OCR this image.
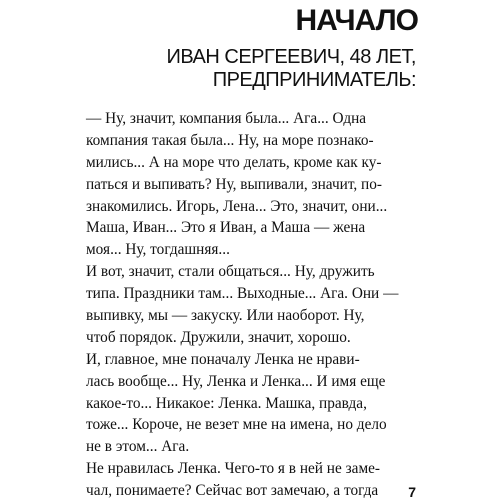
НАЧАЛО
ИВАН СЕРГЕЕВИЧ, 48 ЛЕТ,
ПРЕДПРИНИМАТЕЛЬ:
— Ну, значит, компания была... Ага... Одна
компания такая была... Ну, на море познако-
мились... А на море что делать, кроме как ку-
паться и выпивать? Ну, выпивали, значит, по-
знакомились. Игорь, Лена... Это, значит, они...
Маша, Иван... Это я Иван, а Маша — жена
моя... Ну, тогдашняя...
И вот, значит, стали общаться... Ну, дружить
типа. Праздники там... Выходные... Ага. Они —
выпивку, мы — закуску. Или наоборот. Ну,
чтоб порядок. Дружили, значит, хорошо.
И, главное, мне поначалу Ленка не нрави-
лась вообще... Ну, Ленка и Ленка... И имя еще
какое-то... Никакое: Ленка. Машка, правда,
тоже... Короче, не везет мне на имена, но дело
не в этом... Ага.
Не нравилась Ленка. Чего-то я в ней не заме-
чал, понимаете? Сейчас вот замечаю, а тогда	7
